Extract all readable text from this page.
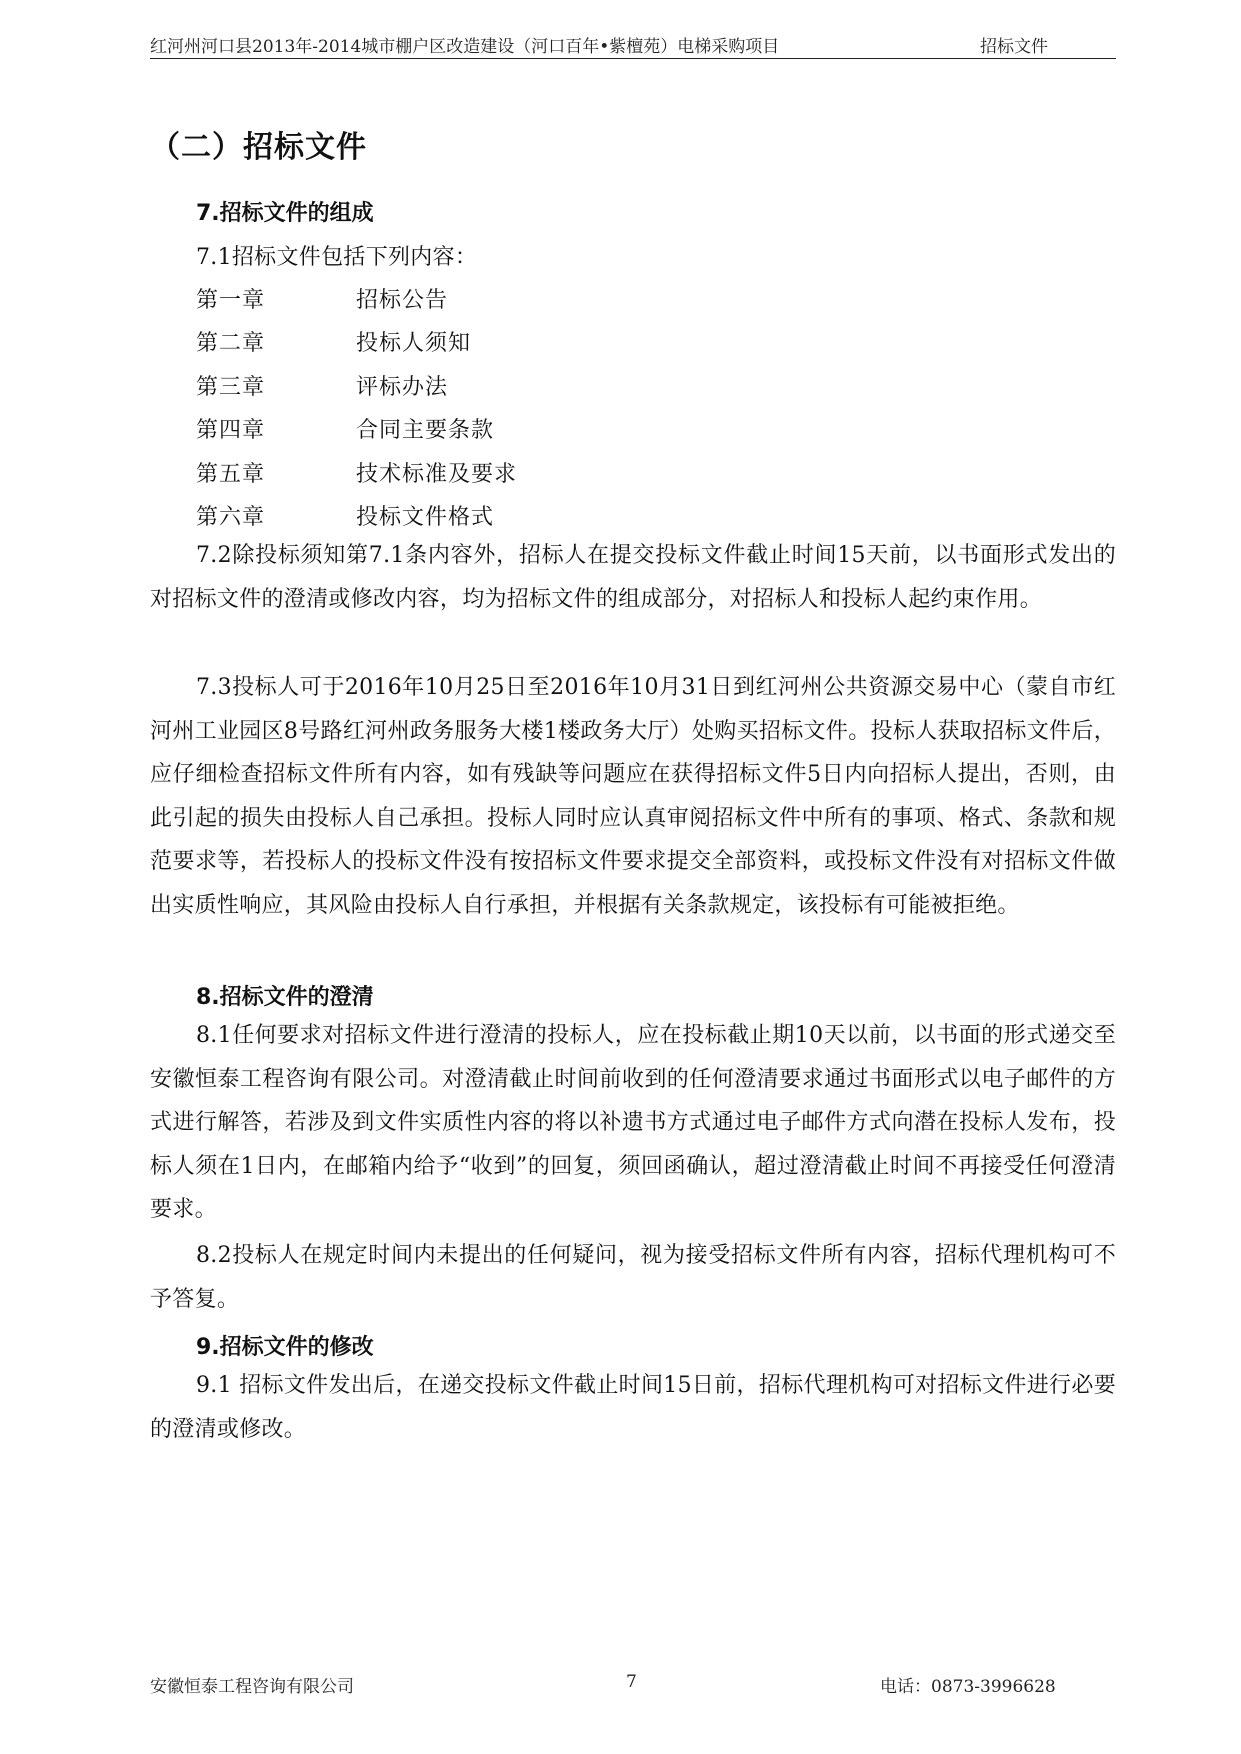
红河州河口县2013年-2014城市棚户区改造建设（河口百年•紫檀苑）电梯采购项目	招标文件
（二）招标文件
7.招标文件的组成
7.1招标文件包括下列内容：
第一章	招标公告
第二章	投标人须知
第三章	评标办法
第四章	合同主要条款
第五章	技术标准及要求
第六章	投标文件格式

7.2除投标须知第7.1条内容外，招标人在提交投标文件截止时间15天前，以书面形式发出的对招标文件的澄清或修改内容，均为招标文件的组成部分，对招标人和投标人起约束作用。

7.3投标人可于2016年10月25日至2016年10月31日到红河州公共资源交易中心（蒙自市红河州工业园区8号路红河州政务服务大楼1楼政务大厅）处购买招标文件。投标人获取招标文件后，应仔细检查招标文件所有内容，如有残缺等问题应在获得招标文件5日内向招标人提出，否则，由此引起的损失由投标人自己承担。投标人同时应认真审阅招标文件中所有的事项、格式、条款和规范要求等，若投标人的投标文件没有按招标文件要求提交全部资料，或投标文件没有对招标文件做出实质性响应，其风险由投标人自行承担，并根据有关条款规定，该投标有可能被拒绝。

8.招标文件的澄清

8.1任何要求对招标文件进行澄清的投标人，应在投标截止期10天以前，以书面的形式递交至安徽恒泰工程咨询有限公司。对澄清截止时间前收到的任何澄清要求通过书面形式以电子邮件的方式进行解答，若涉及到文件实质性内容的将以补遗书方式通过电子邮件方式向潜在投标人发布，投标人须在1日内，在邮箱内给予“收到”的回复，须回函确认，超过澄清截止时间不再接受任何澄清要求。

8.2投标人在规定时间内未提出的任何疑问，视为接受招标文件所有内容，招标代理机构可不予答复。

9.招标文件的修改

9.1 招标文件发出后，在递交投标文件截止时间15日前，招标代理机构可对招标文件进行必要的澄清或修改。

安徽恒泰工程咨询有限公司	7	电话：0873-3996628
